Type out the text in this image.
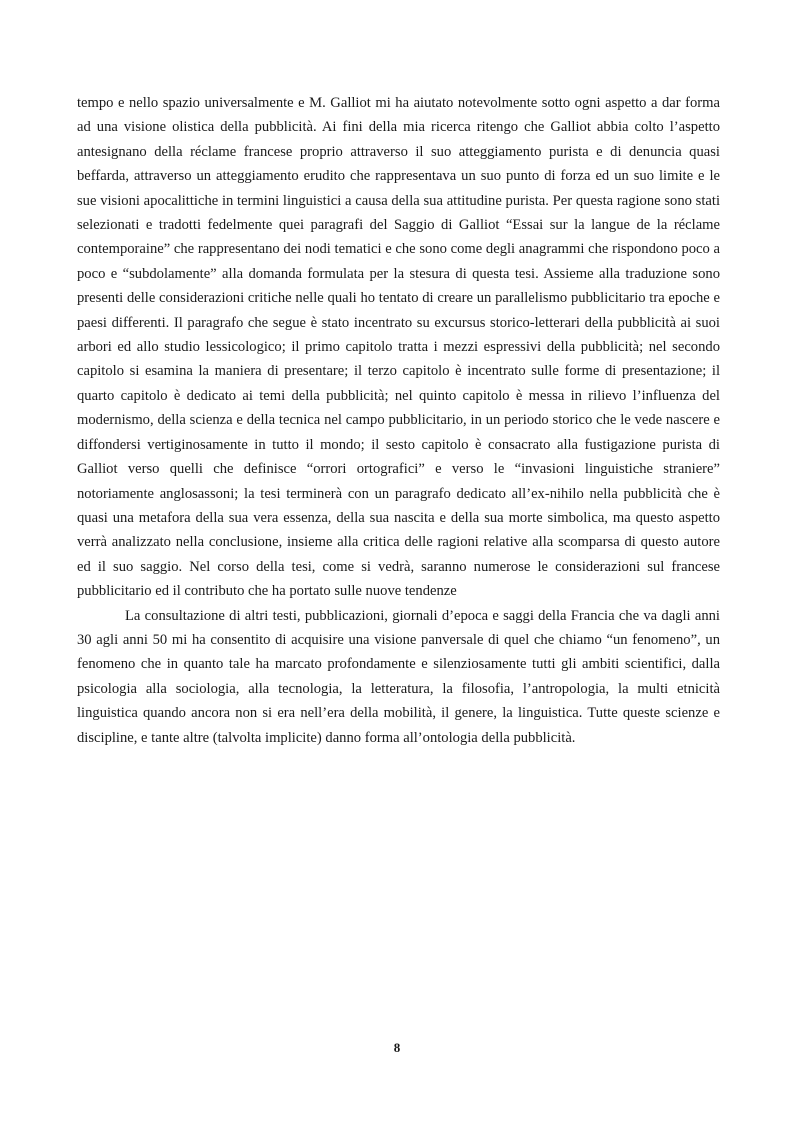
tempo e nello spazio universalmente e M. Galliot mi ha aiutato notevolmente sotto ogni aspetto a dar forma ad una visione olistica della pubblicità. Ai fini della mia ricerca ritengo che Galliot abbia colto l’aspetto antesignano della réclame francese proprio attraverso il suo atteggiamento purista e di denuncia quasi beffarda, attraverso un atteggiamento erudito che rappresentava un suo punto di forza ed un suo limite e le sue visioni apocalittiche in termini linguistici a causa della sua attitudine purista. Per questa ragione sono stati selezionati e tradotti fedelmente quei paragrafi del Saggio di Galliot “Essai sur la langue de la réclame contemporaine” che rappresentano dei nodi tematici e che sono come degli anagrammi che rispondono poco a poco e “subdolamente” alla domanda formulata per la stesura di questa tesi. Assieme alla traduzione sono presenti delle considerazioni critiche nelle quali ho tentato di creare un parallelismo pubblicitario tra epoche e paesi differenti. Il paragrafo che segue è stato incentrato su excursus storico-letterari della pubblicità ai suoi arbori ed allo studio lessicologico; il primo capitolo tratta i mezzi espressivi della pubblicità; nel secondo capitolo si esamina la maniera di presentare; il terzo capitolo è incentrato sulle forme di presentazione; il quarto capitolo è dedicato ai temi della pubblicità; nel quinto capitolo è messa in rilievo l’influenza del modernismo, della scienza e della tecnica nel campo pubblicitario, in un periodo storico che le vede nascere e diffondersi vertiginosamente in tutto il mondo; il sesto capitolo è consacrato alla fustigazione purista di Galliot verso quelli che definisce “orrori ortografici” e verso le “invasioni linguistiche straniere” notoriamente anglosassoni; la tesi terminerà con un paragrafo dedicato all’ex-nihilo nella pubblicità che è quasi una metafora della sua vera essenza, della sua nascita e della sua morte simbolica, ma questo aspetto verrà analizzato nella conclusione, insieme alla critica delle ragioni relative alla scomparsa di questo autore ed il suo saggio. Nel corso della tesi, come si vedrà, saranno numerose le considerazioni sul francese pubblicitario ed il contributo che ha portato sulle nuove tendenze

La consultazione di altri testi, pubblicazioni, giornali d’epoca e saggi della Francia che va dagli anni 30 agli anni 50 mi ha consentito di acquisire una visione panversale di quel che chiamo “un fenomeno”, un fenomeno che in quanto tale ha marcato profondamente e silenziosamente tutti gli ambiti scientifici, dalla psicologia alla sociologia, alla tecnologia, la letteratura, la filosofia, l’antropologia, la multi etnicità linguistica quando ancora non si era nell’era della mobilità, il genere, la linguistica. Tutte queste scienze e discipline, e tante altre (talvolta implicite) danno forma all’ontologia della pubblicità.

8
